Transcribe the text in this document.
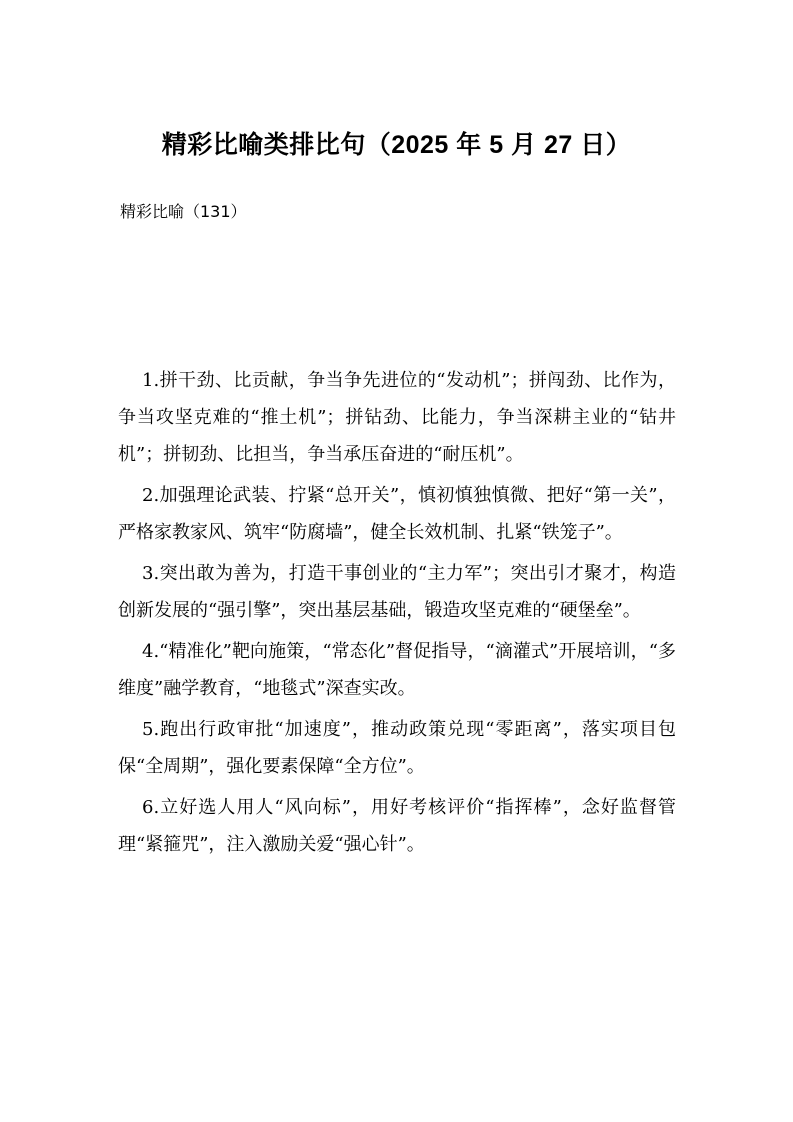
精彩比喻类排比句（2025 年 5 月 27 日）

精彩比喻（131）

1.拼干劲、比贡献，争当争先进位的“发动机”；拼闯劲、比作为，争当攻坚克难的“推土机”；拼钻劲、比能力，争当深耕主业的“钻井机”；拼韧劲、比担当，争当承压奋进的“耐压机”。

2.加强理论武装、拧紧“总开关”，慎初慎独慎微、把好“第一关”，严格家教家风、筑牢“防腐墙”，健全长效机制、扎紧“铁笼子”。

3.突出敢为善为，打造干事创业的“主力军”；突出引才聚才，构造创新发展的“强引擎”，突出基层基础，锻造攻坚克难的“硬堡垒”。

4.“精准化”靶向施策，“常态化”督促指导，“滴灌式”开展培训，“多维度”融学教育，“地毯式”深查实改。

5.跑出行政审批“加速度”，推动政策兑现“零距离”，落实项目包保“全周期”，强化要素保障“全方位”。

6.立好选人用人“风向标”，用好考核评价“指挥棒”，念好监督管理“紧箍咒”，注入激励关爱“强心针”。
